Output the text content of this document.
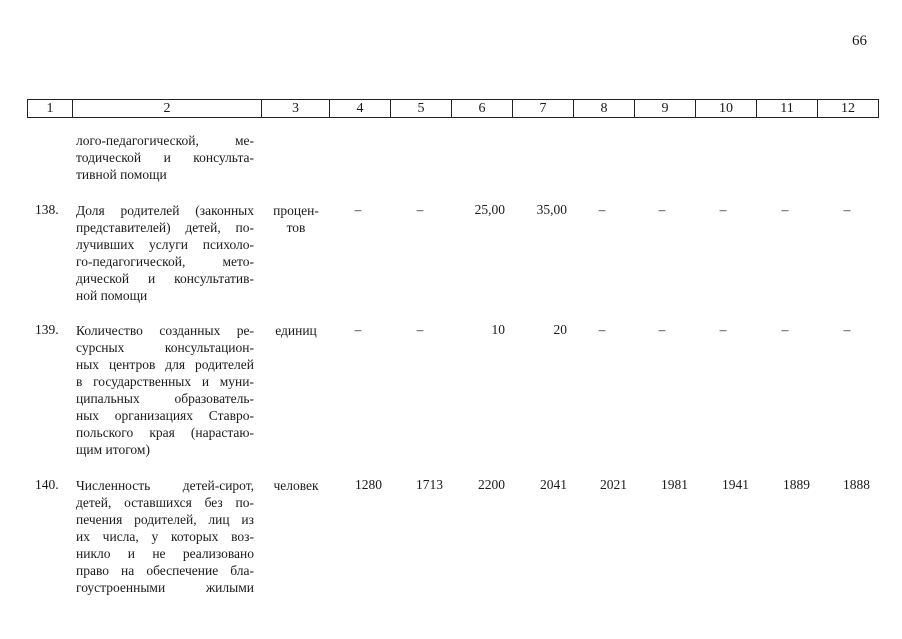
66
1	2	3	4	5	6	7	8	9	10	11	12
лого-педагогической, ме-
тодической и консульта-
тивной помощи
138. Доля родителей (законных
представителей) детей, по-
лучивших услуги психоло-
го-педагогической, мето-
дической и консультатив-
ной помощи
процен-
тов
–	–	25,00	35,00	–	–	–	–	–
139. Количество созданных ре-
сурсных консультацион-
ных центров для родителей
в государственных и муни-
ципальных образователь-
ных организациях Ставро-
польского края (нарастаю-
щим итогом)
единиц	–	–	10	20	–	–	–	–	–
140. Численность детей-сирот,
детей, оставшихся без по-
печения родителей, лиц из
их числа, у которых воз-
никло и не реализовано
право на обеспечение бла-
гоустроенными жилыми
человек	1280	1713	2200	2041	2021	1981	1941	1889	1888
